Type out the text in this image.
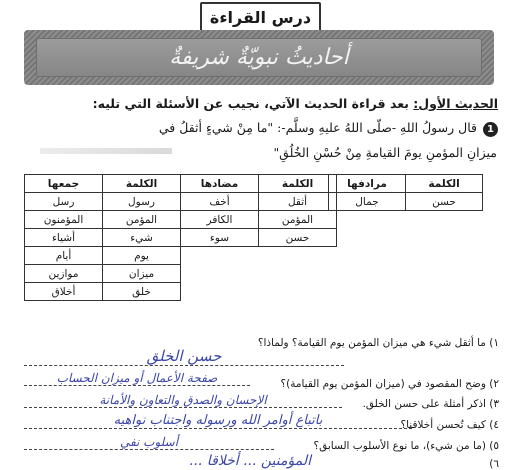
درس القراءة
أحاديثُ نبويّةٌ شريفةٌ
الحديث الأول: بعد قراءة الحديث الآتي، نجيب عن الأسئلة التي تليه:
1
قال رسولُ اللهِ -صلّى اللهُ عليهِ وسلَّم-: "ما مِنْ شيءٍ أثقلُ في
ميزانِ المؤمنِ يومَ القيامةِ مِنْ حُسْنِ الخُلُقِ"
الكلمة	مرادفها
حسن	جمال
الكلمة	مضادها	الكلمة	جمعها
أثقل	أخف	رسول	رسل
المؤمن	الكافر	المؤمن	المؤمنون
حسن	سوء	شيء	أشياء
		يوم	أيام
		ميزان	موازين
		خلق	أخلاق
١) ما أثقل شيء هي ميزان المؤمن يوم القيامة؟ ولماذا؟
حسن الخلق
٢) وضح المقصود في (ميزان المؤمن يوم القيامة)؟
صفحة الأعمال أو ميزان الحساب
٣) اذكر أمثلة على حسن الخلق.
الإحسان والصدق والتعاون والأمانة
٤) كيف تُحسن أخلاقنا؟
باتباع أوامر الله ورسوله واجتناب نواهيه
٥) (ما من شيء)، ما نوع الأسلوب السابق؟
أسلوب نفي
٦)
... المؤمنين ... أخلاقا
